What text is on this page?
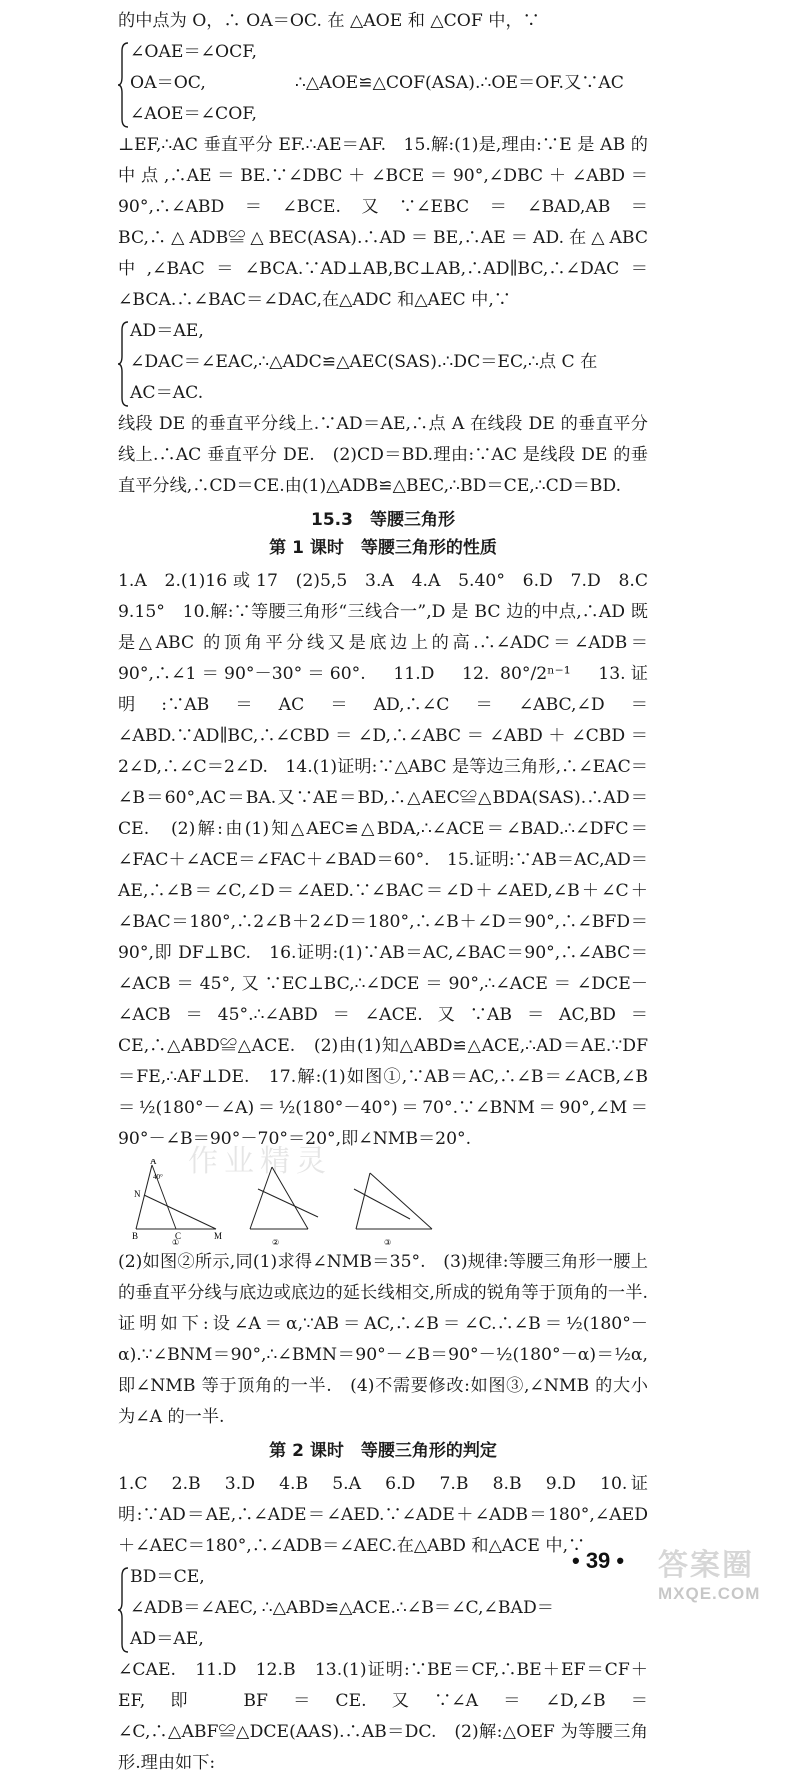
的中点为 O，∴ OA＝OC. 在 △AOE 和 △COF 中，∵

∠OAE＝∠OCF,
OA＝OC,
∠AOE＝∠COF,
∴△AOE≌△COF(ASA).∴OE＝OF.又∵AC

⊥EF,∴AC 垂直平分 EF.∴AE＝AF.　15.解:(1)是,理由:∵E 是 AB 的中点,∴AE＝BE.∵∠DBC＋∠BCE＝90°,∠DBC＋∠ABD＝90°,∴∠ABD＝∠BCE.又∵∠EBC＝∠BAD,AB＝BC,∴△ADB≌△BEC(ASA).∴AD＝BE,∴AE＝AD.在△ABC 中,∠BAC＝∠BCA.∵AD⊥AB,BC⊥AB,∴AD∥BC,∴∠DAC＝∠BCA.∴∠BAC＝∠DAC,在△ADC 和△AEC 中,∵

AD＝AE,
∠DAC＝∠EAC,
AC＝AC.
∴△ADC≌△AEC(SAS).∴DC＝EC,∴点 C 在

线段 DE 的垂直平分线上.∵AD＝AE,∴点 A 在线段 DE 的垂直平分线上.∴AC 垂直平分 DE.　(2)CD＝BD.理由:∵AC 是线段 DE 的垂直平分线,∴CD＝CE.由(1)△ADB≌△BEC,∴BD＝CE,∴CD＝BD.

15.3　等腰三角形
第 1 课时　等腰三角形的性质

1.A　2.(1)16 或 17　(2)5,5　3.A　4.A　5.40°　6.D　7.D　8.C　9.15°　10.解:∵等腰三角形“三线合一”,D 是 BC 边的中点,∴AD 既是△ABC 的顶角平分线又是底边上的高.∴∠ADC＝∠ADB＝90°,∴∠1＝90°－30°＝60°.　11.D　12. 80°/2ⁿ⁻¹　13.证明:∵AB＝AC＝AD,∴∠C＝∠ABC,∠D＝∠ABD.∵AD∥BC,∴∠CBD＝∠D,∴∠ABC＝∠ABD＋∠CBD＝2∠D,∴∠C＝2∠D.　14.(1)证明:∵△ABC 是等边三角形,∴∠EAC＝∠B＝60°,AC＝BA.又∵AE＝BD,∴△AEC≌△BDA(SAS).∴AD＝CE.　(2)解:由(1)知△AEC≌△BDA,∴∠ACE＝∠BAD.∴∠DFC＝∠FAC＋∠ACE＝∠FAC＋∠BAD＝60°.　15.证明:∵AB＝AC,AD＝AE,∴∠B＝∠C,∠D＝∠AED.∵∠BAC＝∠D＋∠AED,∠B＋∠C＋∠BAC＝180°,∴2∠B＋2∠D＝180°,∴∠B＋∠D＝90°,∴∠BFD＝90°,即 DF⊥BC.　16.证明:(1)∵AB＝AC,∠BAC＝90°,∴∠ABC＝∠ACB＝45°,又∵EC⊥BC,∴∠DCE＝90°,∴∠ACE＝∠DCE－∠ACB＝45°.∴∠ABD＝∠ACE.又∵AB＝AC,BD＝CE,∴△ABD≌△ACE.　(2)由(1)知△ABD≌△ACE,∴AD＝AE.∵DF＝FE,∴AF⊥DE.　17.解:(1)如图①,∵AB＝AC,∴∠B＝∠ACB,∠B＝½(180°－∠A)＝½(180°－40°)＝70°.∵∠BNM＝90°,∠M＝90°－∠B＝90°－70°＝20°,即∠NMB＝20°.

A
N
40°
B	C	M
①	②	③

(2)如图②所示,同(1)求得∠NMB＝35°.　(3)规律:等腰三角形一腰上的垂直平分线与底边或底边的延长线相交,所成的锐角等于顶角的一半.证明如下:设∠A＝α,∵AB＝AC,∴∠B＝∠C.∴∠B＝½(180°－α).∵∠BNM＝90°,∴∠BMN＝90°－∠B＝90°－½(180°－α)＝½α,即∠NMB 等于顶角的一半.　(4)不需要修改:如图③,∠NMB 的大小为∠A 的一半.

第 2 课时　等腰三角形的判定

1.C　2.B　3.D　4.B　5.A　6.D　7.B　8.B　9.D　10.证明:∵AD＝AE,∴∠ADE＝∠AED.∵∠ADE＋∠ADB＝180°,∠AED＋∠AEC＝180°,∴∠ADB＝∠AEC.在△ABD 和△ACE 中,∵

BD＝CE,
∠ADB＝∠AEC,
AD＝AE,
∴△ABD≌△ACE.∴∠B＝∠C,∠BAD＝

∠CAE.　11.D　12.B　13.(1)证明:∵BE＝CF,∴BE＋EF＝CF＋EF,即 BF＝CE.又∵∠A＝∠D,∠B＝∠C,∴△ABF≌△DCE(AAS).∴AB＝DC.　(2)解:△OEF 为等腰三角形.理由如下:

作业精灵
• 39 • 答案圈
MXQE.COM
